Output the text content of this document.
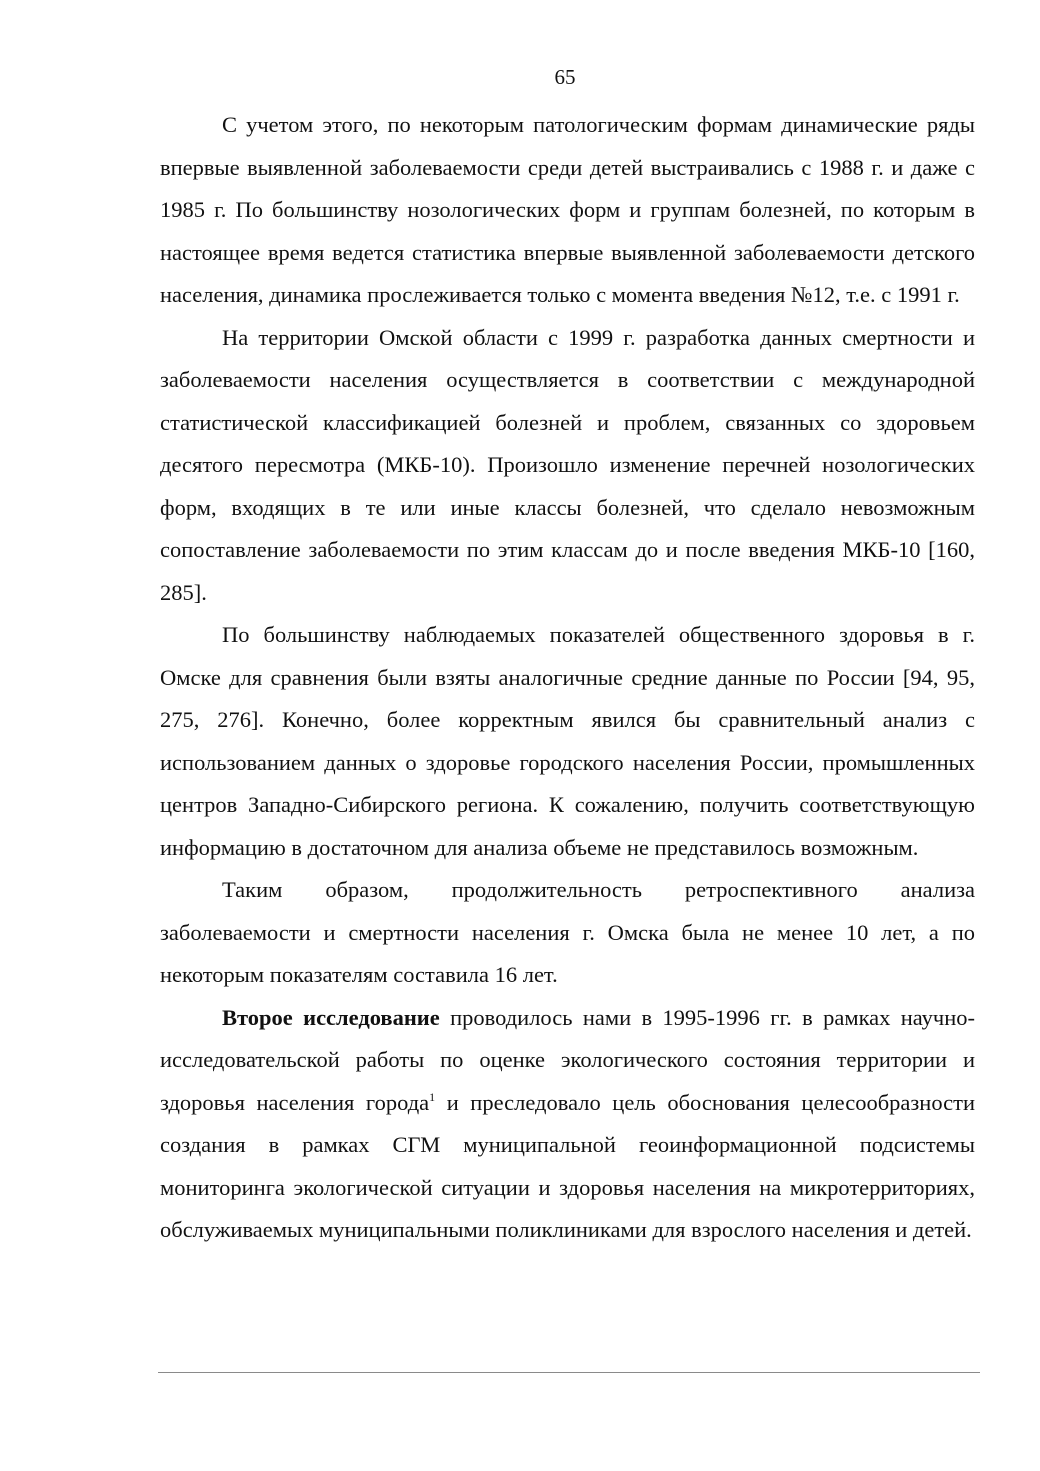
65

С учетом этого, по некоторым патологическим формам динамические ряды впервые выявленной заболеваемости среди детей выстраивались с 1988 г. и даже с 1985 г. По большинству нозологических форм и группам болезней, по которым в настоящее время ведется статистика впервые выявленной заболеваемости детского населения, динамика прослеживается только с момента введения №12, т.е. с 1991 г.

На территории Омской области с 1999 г. разработка данных смертности и заболеваемости населения осуществляется в соответствии с международной статистической классификацией болезней и проблем, связанных со здоровьем десятого пересмотра (МКБ-10). Произошло изменение перечней нозологических форм, входящих в те или иные классы болезней, что сделало невозможным сопоставление заболеваемости по этим классам до и после введения МКБ-10 [160, 285].

По большинству наблюдаемых показателей общественного здоровья в г. Омске для сравнения были взяты аналогичные средние данные по России [94, 95, 275, 276]. Конечно, более корректным явился бы сравнительный анализ с использованием данных о здоровье городского населения России, промышленных центров Западно-Сибирского региона. К сожалению, получить соответствующую информацию в достаточном для анализа объеме не представилось возможным.

Таким образом, продолжительность ретроспективного анализа заболеваемости и смертности населения г. Омска была не менее 10 лет, а по некоторым показателям составила 16 лет.

Второе исследование проводилось нами в 1995-1996 гг. в рамках научно-исследовательской работы по оценке экологического состояния территории и здоровья населения города$^1$ и преследовало цель обоснования целесообразности создания в рамках СГМ муниципальной геоинформационной подсистемы мониторинга экологической ситуации и здоровья населения на микротерриториях, обслуживаемых муниципальными поликлиниками для взрослого населения и детей.
